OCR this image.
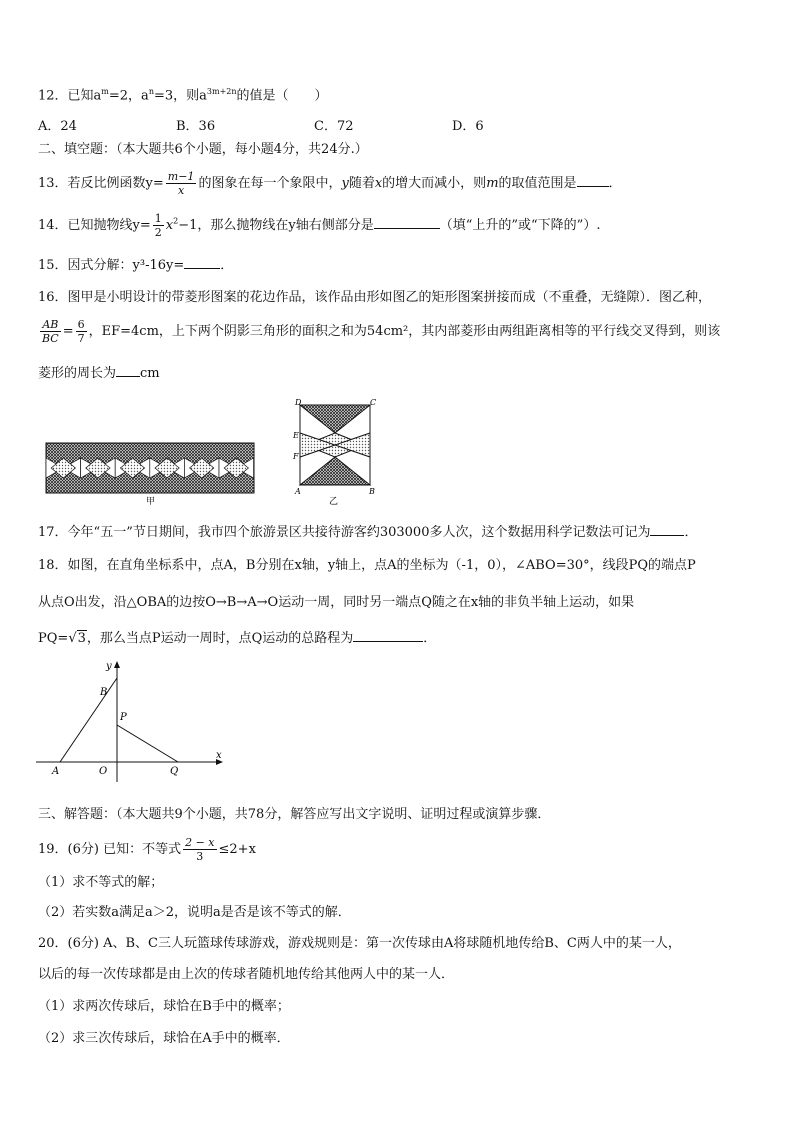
12．已知$a^m=2$，$a^n=3$，则$a^{3m+2n}$的值是（　　）
A．24	B．36	C．72	D．6
二、填空题：（本大题共6个小题，每小题4分，共24分.）
13．若反比例函数$y= \frac{m-1}{x}$ 的图象在每一个象限中，y随着x的增大而减小，则m的取值范围是 ．
14．已知抛物线$y= \frac{1}{2} x^2-1$，那么抛物线在y轴右侧部分是	（填“上升的”或“下降的”）.
15．因式分解：y³-16y=	．
16．图甲是小明设计的带菱形图案的花边作品，该作品由形如图乙的矩形图案拼接而成（不重叠，无缝隙）．图乙种，
$\frac{AB}{BC} = \frac{6}{7}$ ，EF=4cm，上下两个阴影三角形的面积之和为54cm²，其内部菱形由两组距离相等的平行线交叉得到，则该
菱形的周长为 cm
甲
D	C
E
F
A	B
乙
17．今年“五一”节日期间，我市四个旅游景区共接待游客约303000多人次，这个数据用科学记数法可记为	．
18．如图，在直角坐标系中，点A，B分别在x轴，y轴上，点A的坐标为（-1，0），∠ABO=30°，线段PQ的端点P
从点O出发，沿△OBA的边按O→B→A→O运动一周，同时另一端点Q随之在x轴的非负半轴上运动，如果
PQ=√3，那么当点P运动一周时，点Q运动的总路程为	．
y
x
B
P
A	O	Q
三、解答题：（本大题共9个小题，共78分，解答应写出文字说明、证明过程或演算步骤．
19．(6分) 已知：不等式 $\frac{2 - x}{3} \le 2+x$
（1）求不等式的解；
（2）若实数a满足a＞2，说明a是否是该不等式的解．
20．(6分) A、B、C三人玩篮球传球游戏，游戏规则是：第一次传球由A将球随机地传给B、C两人中的某一人，
以后的每一次传球都是由上次的传球者随机地传给其他两人中的某一人．
（1）求两次传球后，球恰在B手中的概率；
（2）求三次传球后，球恰在A手中的概率．
